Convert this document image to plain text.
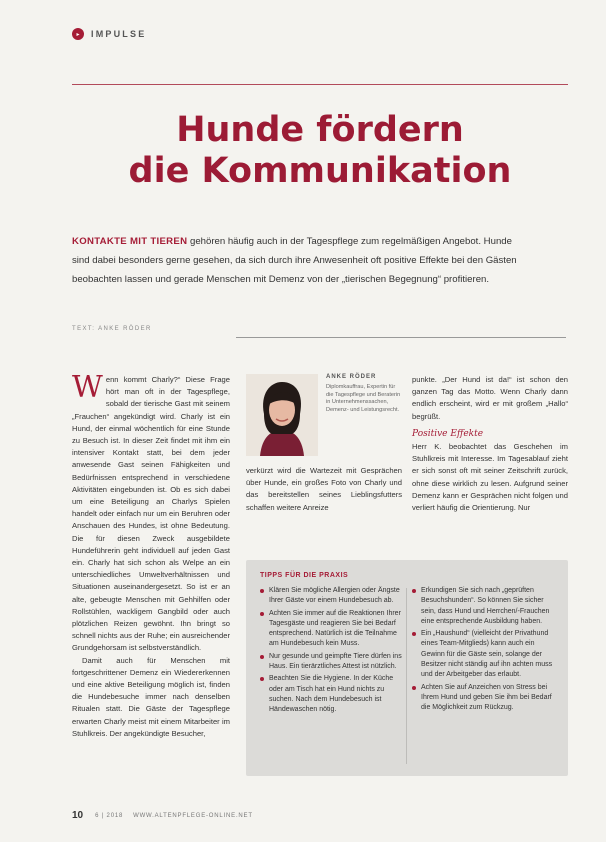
▸	IMPULSE
Hunde fördern
die Kommunikation
KONTAKTE MIT TIEREN gehören häufig auch in der Tagespflege zum regelmäßigen Angebot. Hunde sind dabei besonders gerne gesehen, da sich durch ihre Anwesenheit oft positive Effekte bei den Gästen beobachten lassen und gerade Menschen mit Demenz von der „tierischen Begegnung“ profitieren.
TEXT: ANKE RÖDER

Wenn kommt Charly?“ Diese Frage hört man oft in der Tagespflege, sobald der tierische Gast mit seinem „Frauchen“ angekündigt wird. Charly ist ein Hund, der einmal wöchentlich für eine Stunde zu Besuch ist. In dieser Zeit findet mit ihm ein intensiver Kontakt statt, bei dem jeder anwesende Gast seinen Fähigkeiten und Bedürfnissen entsprechend in verschiedene Aktivitäten eingebunden ist. Ob es sich dabei um eine Beteiligung an Charlys Spielen handelt oder einfach nur um ein Beruhren oder Anschauen des Hundes, ist ohne Bedeutung. Die für diesen Zweck ausgebildete Hundeführerin geht individuell auf jeden Gast ein. Charly hat sich schon als Welpe an ein unterschiedliches Umweltverhältnissen und Situationen auseinandergesetzt. So ist er an alte, gebeugte Menschen mit Gehhilfen oder Rollstühlen, wackligem Gangbild oder auch plötzlichen Reizen gewöhnt. Ihn bringt so schnell nichts aus der Ruhe; ein ausreichender Grundgehorsam ist selbstverständlich.

Damit auch für Menschen mit fortgeschrittener Demenz ein Wiedererkennen und eine aktive Beteiligung möglich ist, finden die Hundebesuche immer nach denselben Ritualen statt. Die Gäste der Tagespflege erwarten Charly meist mit einem Mitarbeiter im Stuhlkreis. Der angekündigte Besucher,

ANKE RÖDER
Diplomkauffrau, Expertin für die Tagespflege und Beraterin in Unternehmenssachen, Demenz- und Leistungsrecht.

verkürzt wird die Wartezeit mit Gesprächen über Hunde, ein großes Foto von Charly und das bereitstellen seines Lieblingsfutters schaffen weitere Anreize

punkte. „Der Hund ist da!“ ist schon den ganzen Tag das Motto. Wenn Charly dann endlich erscheint, wird er mit großem „Hallo“ begrüßt.

Positive Effekte

Herr K. beobachtet das Geschehen im Stuhlkreis mit Interesse. Im Tagesablauf zieht er sich sonst oft mit seiner Zeitschrift zurück, ohne diese wirklich zu lesen. Aufgrund seiner Demenz kann er Gesprächen nicht folgen und verliert häufig die Orientierung. Nur

TIPPS FÜR DIE PRAXIS
Klären Sie mögliche Allergien oder Ängste Ihrer Gäste vor einem Hundebesuch ab.
Achten Sie immer auf die Reaktionen Ihrer Tagesgäste und reagieren Sie bei Bedarf entsprechend. Natürlich ist die Teilnahme am Hundebesuch kein Muss.
Nur gesunde und geimpfte Tiere dürfen ins Haus. Ein tierärztliches Attest ist nützlich.
Beachten Sie die Hygiene. In der Küche oder am Tisch hat ein Hund nichts zu suchen. Nach dem Hundebesuch ist Händewaschen nötig.
Erkundigen Sie sich nach „geprüften Besuchshunden“. So können Sie sicher sein, dass Hund und Herrchen/-Frauchen eine entsprechende Ausbildung haben.
Ein „Haushund“ (vielleicht der Privathund eines Team-Mitglieds) kann auch ein Gewinn für die Gäste sein, solange der Besitzer nicht ständig auf ihn achten muss und der Arbeitgeber das erlaubt.
Achten Sie auf Anzeichen von Stress bei Ihrem Hund und geben Sie ihm bei Bedarf die Möglichkeit zum Rückzug.
10 6 | 2018 WWW.ALTENPFLEGE-ONLINE.NET
